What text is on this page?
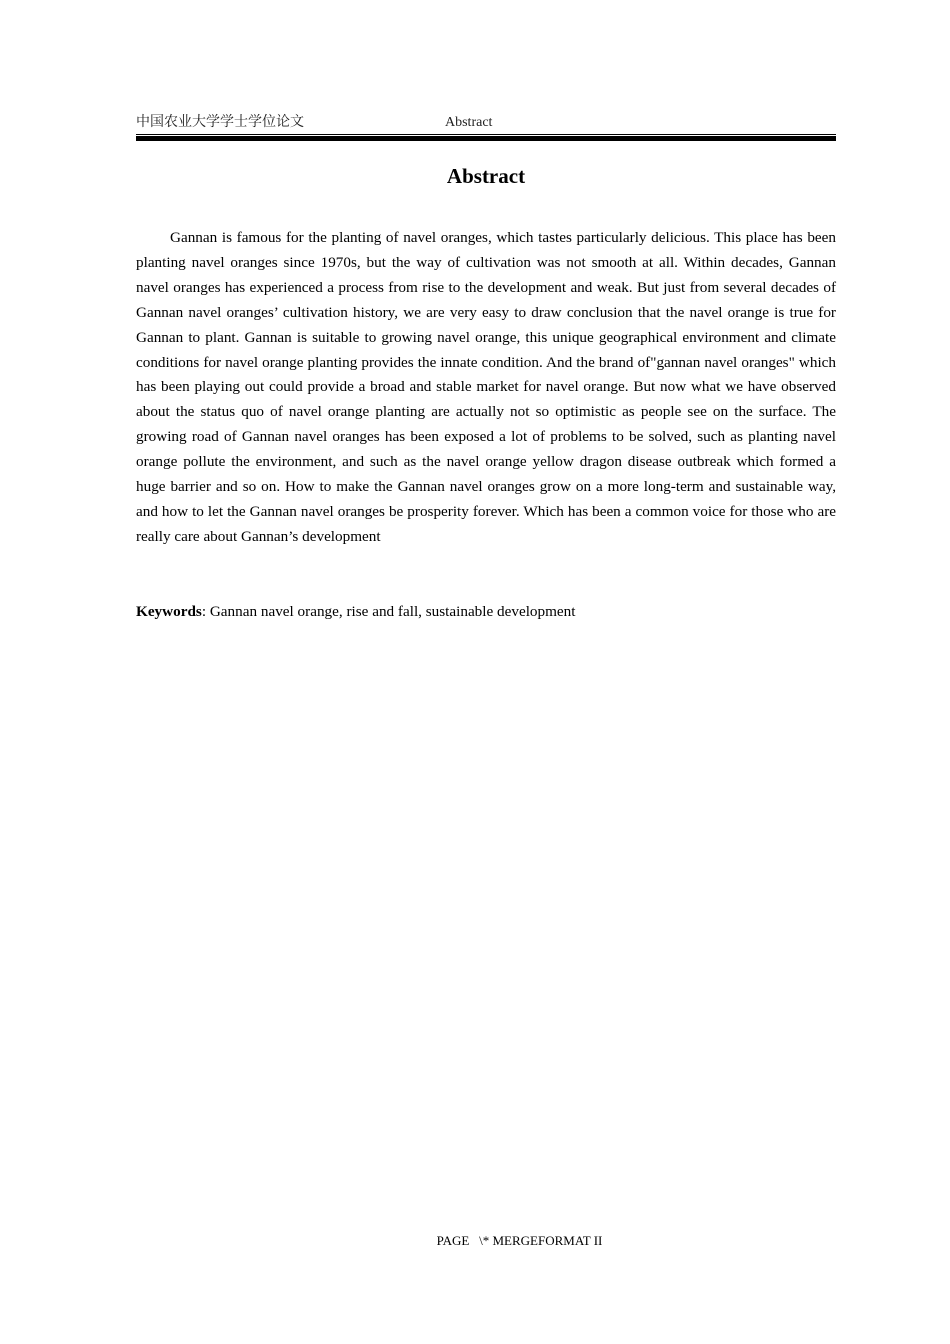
中国农业大学学士学位论文	Abstract
Abstract

Gannan is famous for the planting of navel oranges, which tastes particularly delicious. This place has been planting navel oranges since 1970s, but the way of cultivation was not smooth at all. Within decades, Gannan navel oranges has experienced a process from rise to the development and weak. But just from several decades of Gannan navel oranges’ cultivation history, we are very easy to draw conclusion that the navel orange is true for Gannan to plant. Gannan is suitable to growing navel orange, this unique geographical environment and climate conditions for navel orange planting provides the innate condition. And the brand of"gannan navel oranges" which has been playing out could provide a broad and stable market for navel orange. But now what we have observed about the status quo of navel orange planting are actually not so optimistic as people see on the surface. The growing road of Gannan navel oranges has been exposed a lot of problems to be solved, such as planting navel orange pollute the environment, and such as the navel orange yellow dragon disease outbreak which formed a huge barrier and so on. How to make the Gannan navel oranges grow on a more long-term and sustainable way, and how to let the Gannan navel oranges be prosperity forever. Which has been a common voice for those who are really care about Gannan’s development

Keywords: Gannan navel orange, rise and fall, sustainable development

PAGE   \* MERGEFORMAT II
